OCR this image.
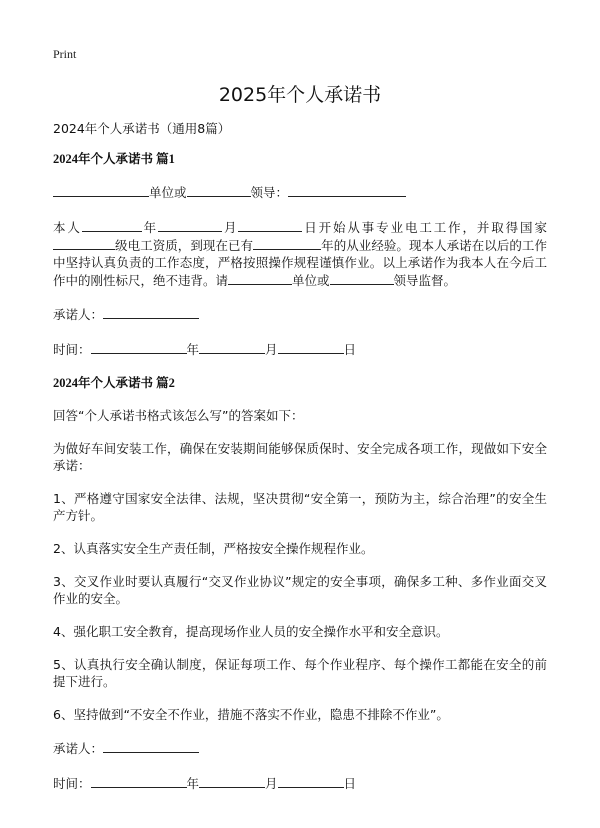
Print
2025年个人承诺书

2024年个人承诺书（通用8篇）

2024年个人承诺书 篇1

单位或	领导：

本人	年	月	日开始从事专业电工工作，并取得国家级电工资质，到现在已有	年的从业经验。现本人承诺在以后的工作中坚持认真负责的工作态度，严格按照操作规程谨慎作业。以上承诺作为我本人在今后工作中的刚性标尺，绝不违背。请	单位或	领导监督。

承诺人：

时间：	年	月	日

2024年个人承诺书 篇2

回答“个人承诺书格式该怎么写”的答案如下：

为做好车间安装工作，确保在安装期间能够保质保时、安全完成各项工作，现做如下安全承诺：

1、严格遵守国家安全法律、法规，坚决贯彻“安全第一，预防为主，综合治理”的安全生产方针。

2、认真落实安全生产责任制，严格按安全操作规程作业。

3、交叉作业时要认真履行“交叉作业协议”规定的安全事项，确保多工种、多作业面交叉作业的安全。

4、强化职工安全教育，提高现场作业人员的安全操作水平和安全意识。

5、认真执行安全确认制度，保证每项工作、每个作业程序、每个操作工都能在安全的前提下进行。

6、坚持做到“不安全不作业，措施不落实不作业，隐患不排除不作业”。

承诺人：

时间：	年	月	日
